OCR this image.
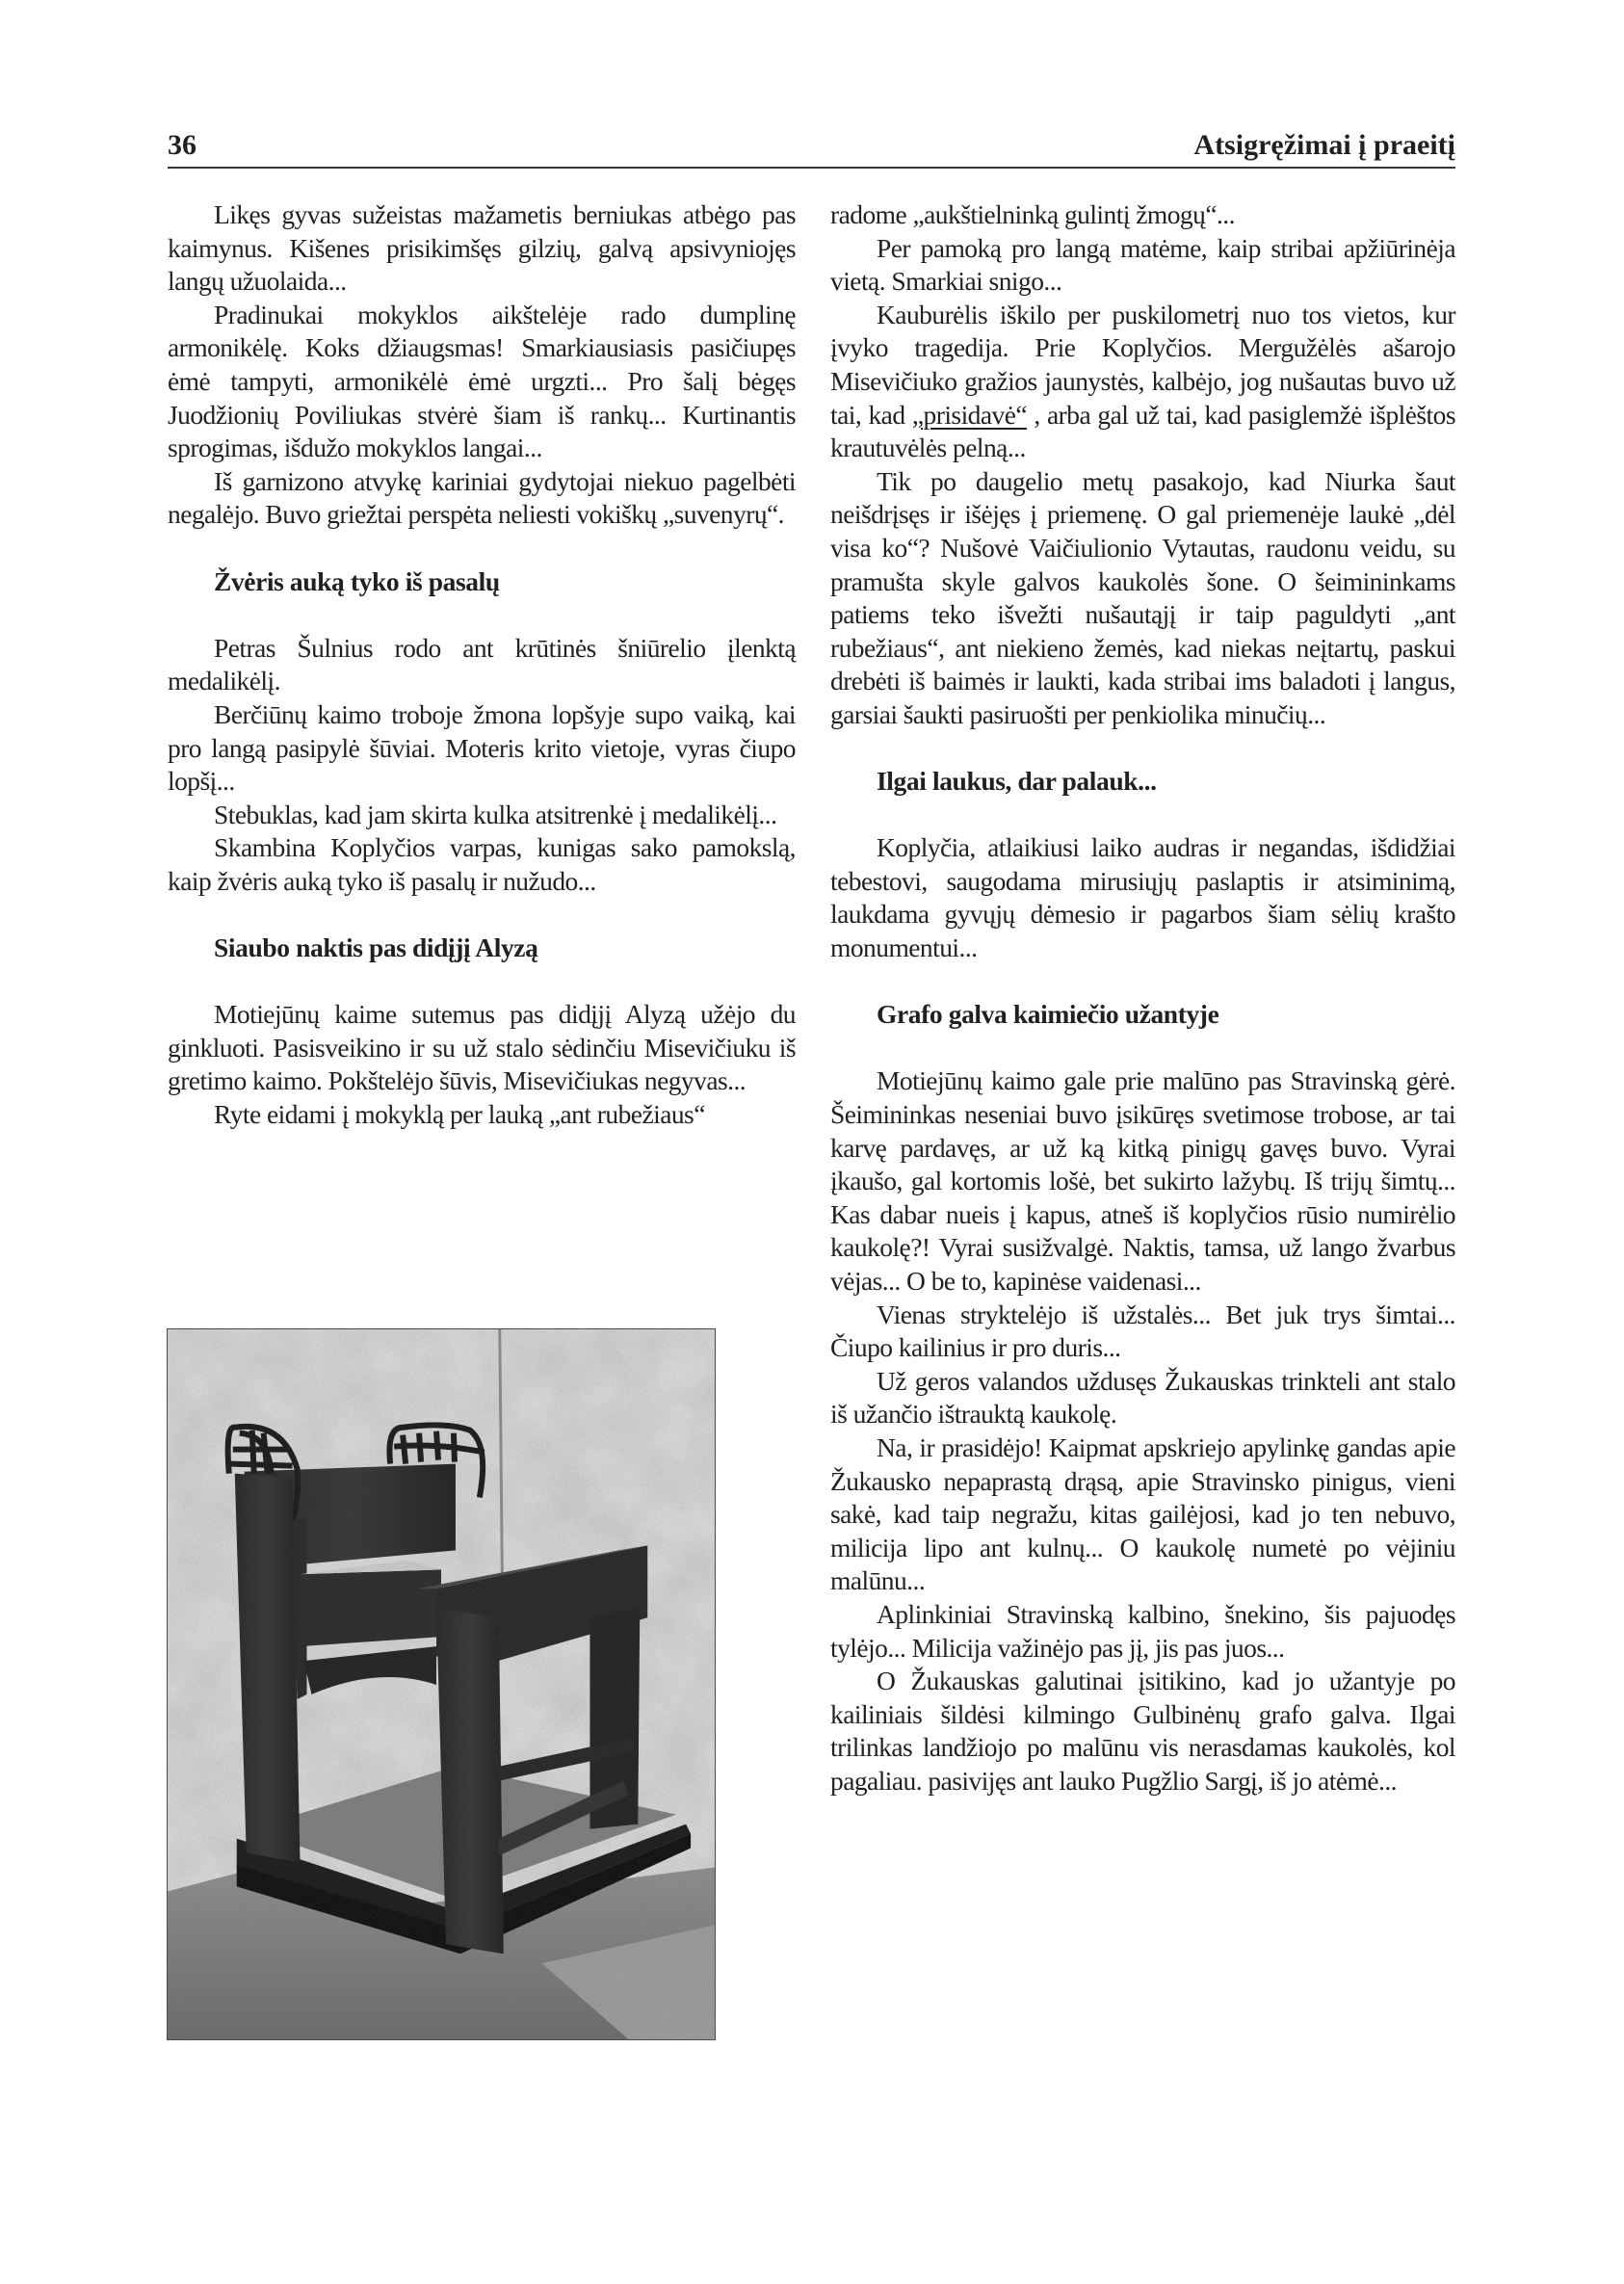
36	Atsigręžimai į praeitį

Likęs gyvas sužeistas mažametis berniukas atbėgo pas kaimynus. Kišenes prisikimšęs gilzių, galvą apsivyniojęs langų užuolaida...

Pradinukai mokyklos aikštelėje rado dumplinę armonikėlę. Koks džiaugsmas! Smarkiausiasis pasičiupęs ėmė tampyti, armonikėlė ėmė urgzti... Pro šalį bėgęs Juodžionių Poviliukas stvėrė šiam iš rankų... Kurtinantis sprogimas, išdužo mokyklos langai...

Iš garnizono atvykę kariniai gydytojai niekuo pagelbėti negalėjo. Buvo griežtai perspėta neliesti vokiškų „suvenyrų“.

Žvėris auką tyko iš pasalų

Petras Šulnius rodo ant krūtinės šniūrelio įlenktą medalikėlį.

Berčiūnų kaimo troboje žmona lopšyje supo vaiką, kai pro langą pasipylė šūviai. Moteris krito vietoje, vyras čiupo lopšį...

Stebuklas, kad jam skirta kulka atsitrenkė į medalikėlį...

Skambina Koplyčios varpas, kunigas sako pamokslą, kaip žvėris auką tyko iš pasalų ir nužudo...

Siaubo naktis pas didįjį Alyzą

Motiejūnų kaime sutemus pas didįjį Alyzą užėjo du ginkluoti. Pasisveikino ir su už stalo sėdinčiu Misevičiuku iš gretimo kaimo. Pokštelėjo šūvis, Misevičiukas negyvas...

Ryte eidami į mokyklą per lauką „ant rubežiaus“

radome „aukštielninką gulintį žmogų“...

Per pamoką pro langą matėme, kaip stribai apžiūrinėja vietą. Smarkiai snigo...

Kauburėlis iškilo per puskilometrį nuo tos vietos, kur įvyko tragedija. Prie Koplyčios. Mergužėlės ašarojo Misevičiuko gražios jaunystės, kalbėjo, jog nušautas buvo už tai, kad „prisidavė“ , arba gal už tai, kad pasiglemžė išplėštos krautuvėlės pelną...

Tik po daugelio metų pasakojo, kad Niurka šaut neišdrįsęs ir išėjęs į priemenę. O gal priemenėje laukė „dėl visa ko“? Nušovė Vaičiulionio Vytautas, raudonu veidu, su pramušta skyle galvos kaukolės šone. O šeimininkams patiems teko išvežti nušautąjį ir taip paguldyti „ant rubežiaus“, ant niekieno žemės, kad niekas neįtartų, paskui drebėti iš baimės ir laukti, kada stribai ims baladoti į langus, garsiai šaukti pasiruošti per penkiolika minučių...

Ilgai laukus, dar palauk...

Koplyčia, atlaikiusi laiko audras ir negandas, išdidžiai tebestovi, saugodama mirusiųjų paslaptis ir atsiminimą, laukdama gyvųjų dėmesio ir pagarbos šiam sėlių krašto monumentui...

Grafo galva kaimiečio užantyje

Motiejūnų kaimo gale prie malūno pas Stravinską gėrė. Šeimininkas neseniai buvo įsikūręs svetimose trobose, ar tai karvę pardavęs, ar už ką kitką pinigų gavęs buvo. Vyrai įkaušo, gal kortomis lošė, bet sukirto lažybų. Iš trijų šimtų... Kas dabar nueis į kapus, atneš iš koplyčios rūsio numirėlio kaukolę?! Vyrai susižvalgė. Naktis, tamsa, už lango žvarbus vėjas... O be to, kapinėse vaidenasi...

Vienas stryktelėjo iš užstalės... Bet juk trys šimtai... Čiupo kailinius ir pro duris...

Už geros valandos uždusęs Žukauskas trinkteli ant stalo iš užančio ištrauktą kaukolę.

Na, ir prasidėjo! Kaipmat apskriejo apylinkę gandas apie Žukausko nepaprastą drąsą, apie Stravinsko pinigus, vieni sakė, kad taip negražu, kitas gailėjosi, kad jo ten nebuvo, milicija lipo ant kulnų... O kaukolę numetė po vėjiniu malūnu...

Aplinkiniai Stravinską kalbino, šnekino, šis pajuodęs tylėjo... Milicija važinėjo pas jį, jis pas juos...

O Žukauskas galutinai įsitikino, kad jo užantyje po kailiniais šildėsi kilmingo Gulbinėnų grafo galva. Ilgai trilinkas landžiojo po malūnu vis nerasdamas kaukolės, kol pagaliau. pasivijęs ant lauko Pugžlio Sargį, iš jo atėmė...
